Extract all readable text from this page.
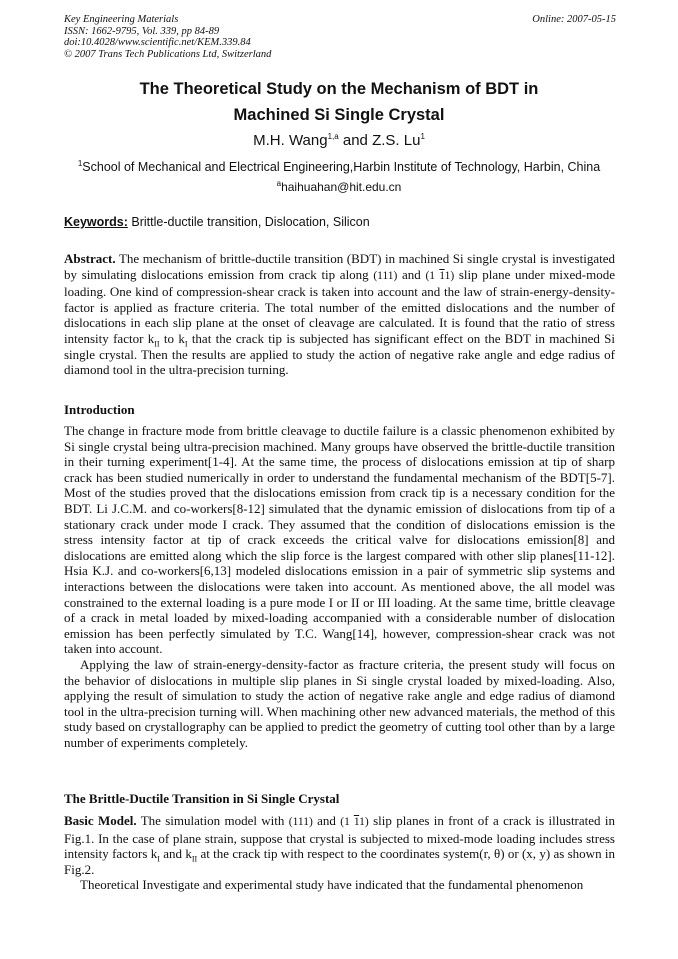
Key Engineering Materials
ISSN: 1662-9795, Vol. 339, pp 84-89
doi:10.4028/www.scientific.net/KEM.339.84
© 2007 Trans Tech Publications Ltd, Switzerland
Online: 2007-05-15
The Theoretical Study on the Mechanism of BDT in
Machined Si Single Crystal
M.H. Wang$^{1,a}$ and Z.S. Lu$^1$
$^1$School of Mechanical and Electrical Engineering,Harbin Institute of Technology, Harbin, China
$^a$haihuahan@hit.edu.cn
Keywords: Brittle-ductile transition, Dislocation, Silicon

Abstract. The mechanism of brittle-ductile transition (BDT) in machined Si single crystal is investigated by simulating dislocations emission from crack tip along (111) and (1 11) slip plane under mixed-mode loading. One kind of compression-shear crack is taken into account and the law of strain-energy-density-factor is applied as fracture criteria. The total number of the emitted dislocations and the number of dislocations in each slip plane at the onset of cleavage are calculated. It is found that the ratio of stress intensity factor $k_{II}$ to $k_I$ that the crack tip is subjected has significant effect on the BDT in machined Si single crystal. Then the results are applied to study the action of negative rake angle and edge radius of diamond tool in the ultra-precision turning.

Introduction

The change in fracture mode from brittle cleavage to ductile failure is a classic phenomenon exhibited by Si single crystal being ultra-precision machined. Many groups have observed the brittle-ductile transition in their turning experiment[1-4]. At the same time, the process of dislocations emission at tip of sharp crack has been studied numerically in order to understand the fundamental mechanism of the BDT[5-7]. Most of the studies proved that the dislocations emission from crack tip is a necessary condition for the BDT. Li J.C.M. and co-workers[8-12] simulated that the dynamic emission of dislocations from tip of a stationary crack under mode I crack. They assumed that the condition of dislocations emission is the stress intensity factor at tip of crack exceeds the critical valve for dislocations emission[8] and dislocations are emitted along which the slip force is the largest compared with other slip planes[11-12]. Hsia K.J. and co-workers[6,13] modeled dislocations emission in a pair of symmetric slip systems and interactions between the dislocations were taken into account. As mentioned above, the all model was constrained to the external loading is a pure mode I or II or III loading. At the same time, brittle cleavage of a crack in metal loaded by mixed-loading accompanied with a considerable number of dislocation emission has been perfectly simulated by T.C. Wang[14], however, compression-shear crack was not taken into account.

Applying the law of strain-energy-density-factor as fracture criteria, the present study will focus on the behavior of dislocations in multiple slip planes in Si single crystal loaded by mixed-loading. Also, applying the result of simulation to study the action of negative rake angle and edge radius of diamond tool in the ultra-precision turning will. When machining other new advanced materials, the method of this study based on crystallography can be applied to predict the geometry of cutting tool other than by a large number of experiments completely.

The Brittle-Ductile Transition in Si Single Crystal

Basic Model. The simulation model with (111) and (1 11) slip planes in front of a crack is illustrated in Fig.1. In the case of plane strain, suppose that crystal is subjected to mixed-mode loading includes stress intensity factors $k_I$ and $k_{II}$ at the crack tip with respect to the coordinates system(r, θ) or (x, y) as shown in Fig.2.

Theoretical Investigate and experimental study have indicated that the fundamental phenomenon
